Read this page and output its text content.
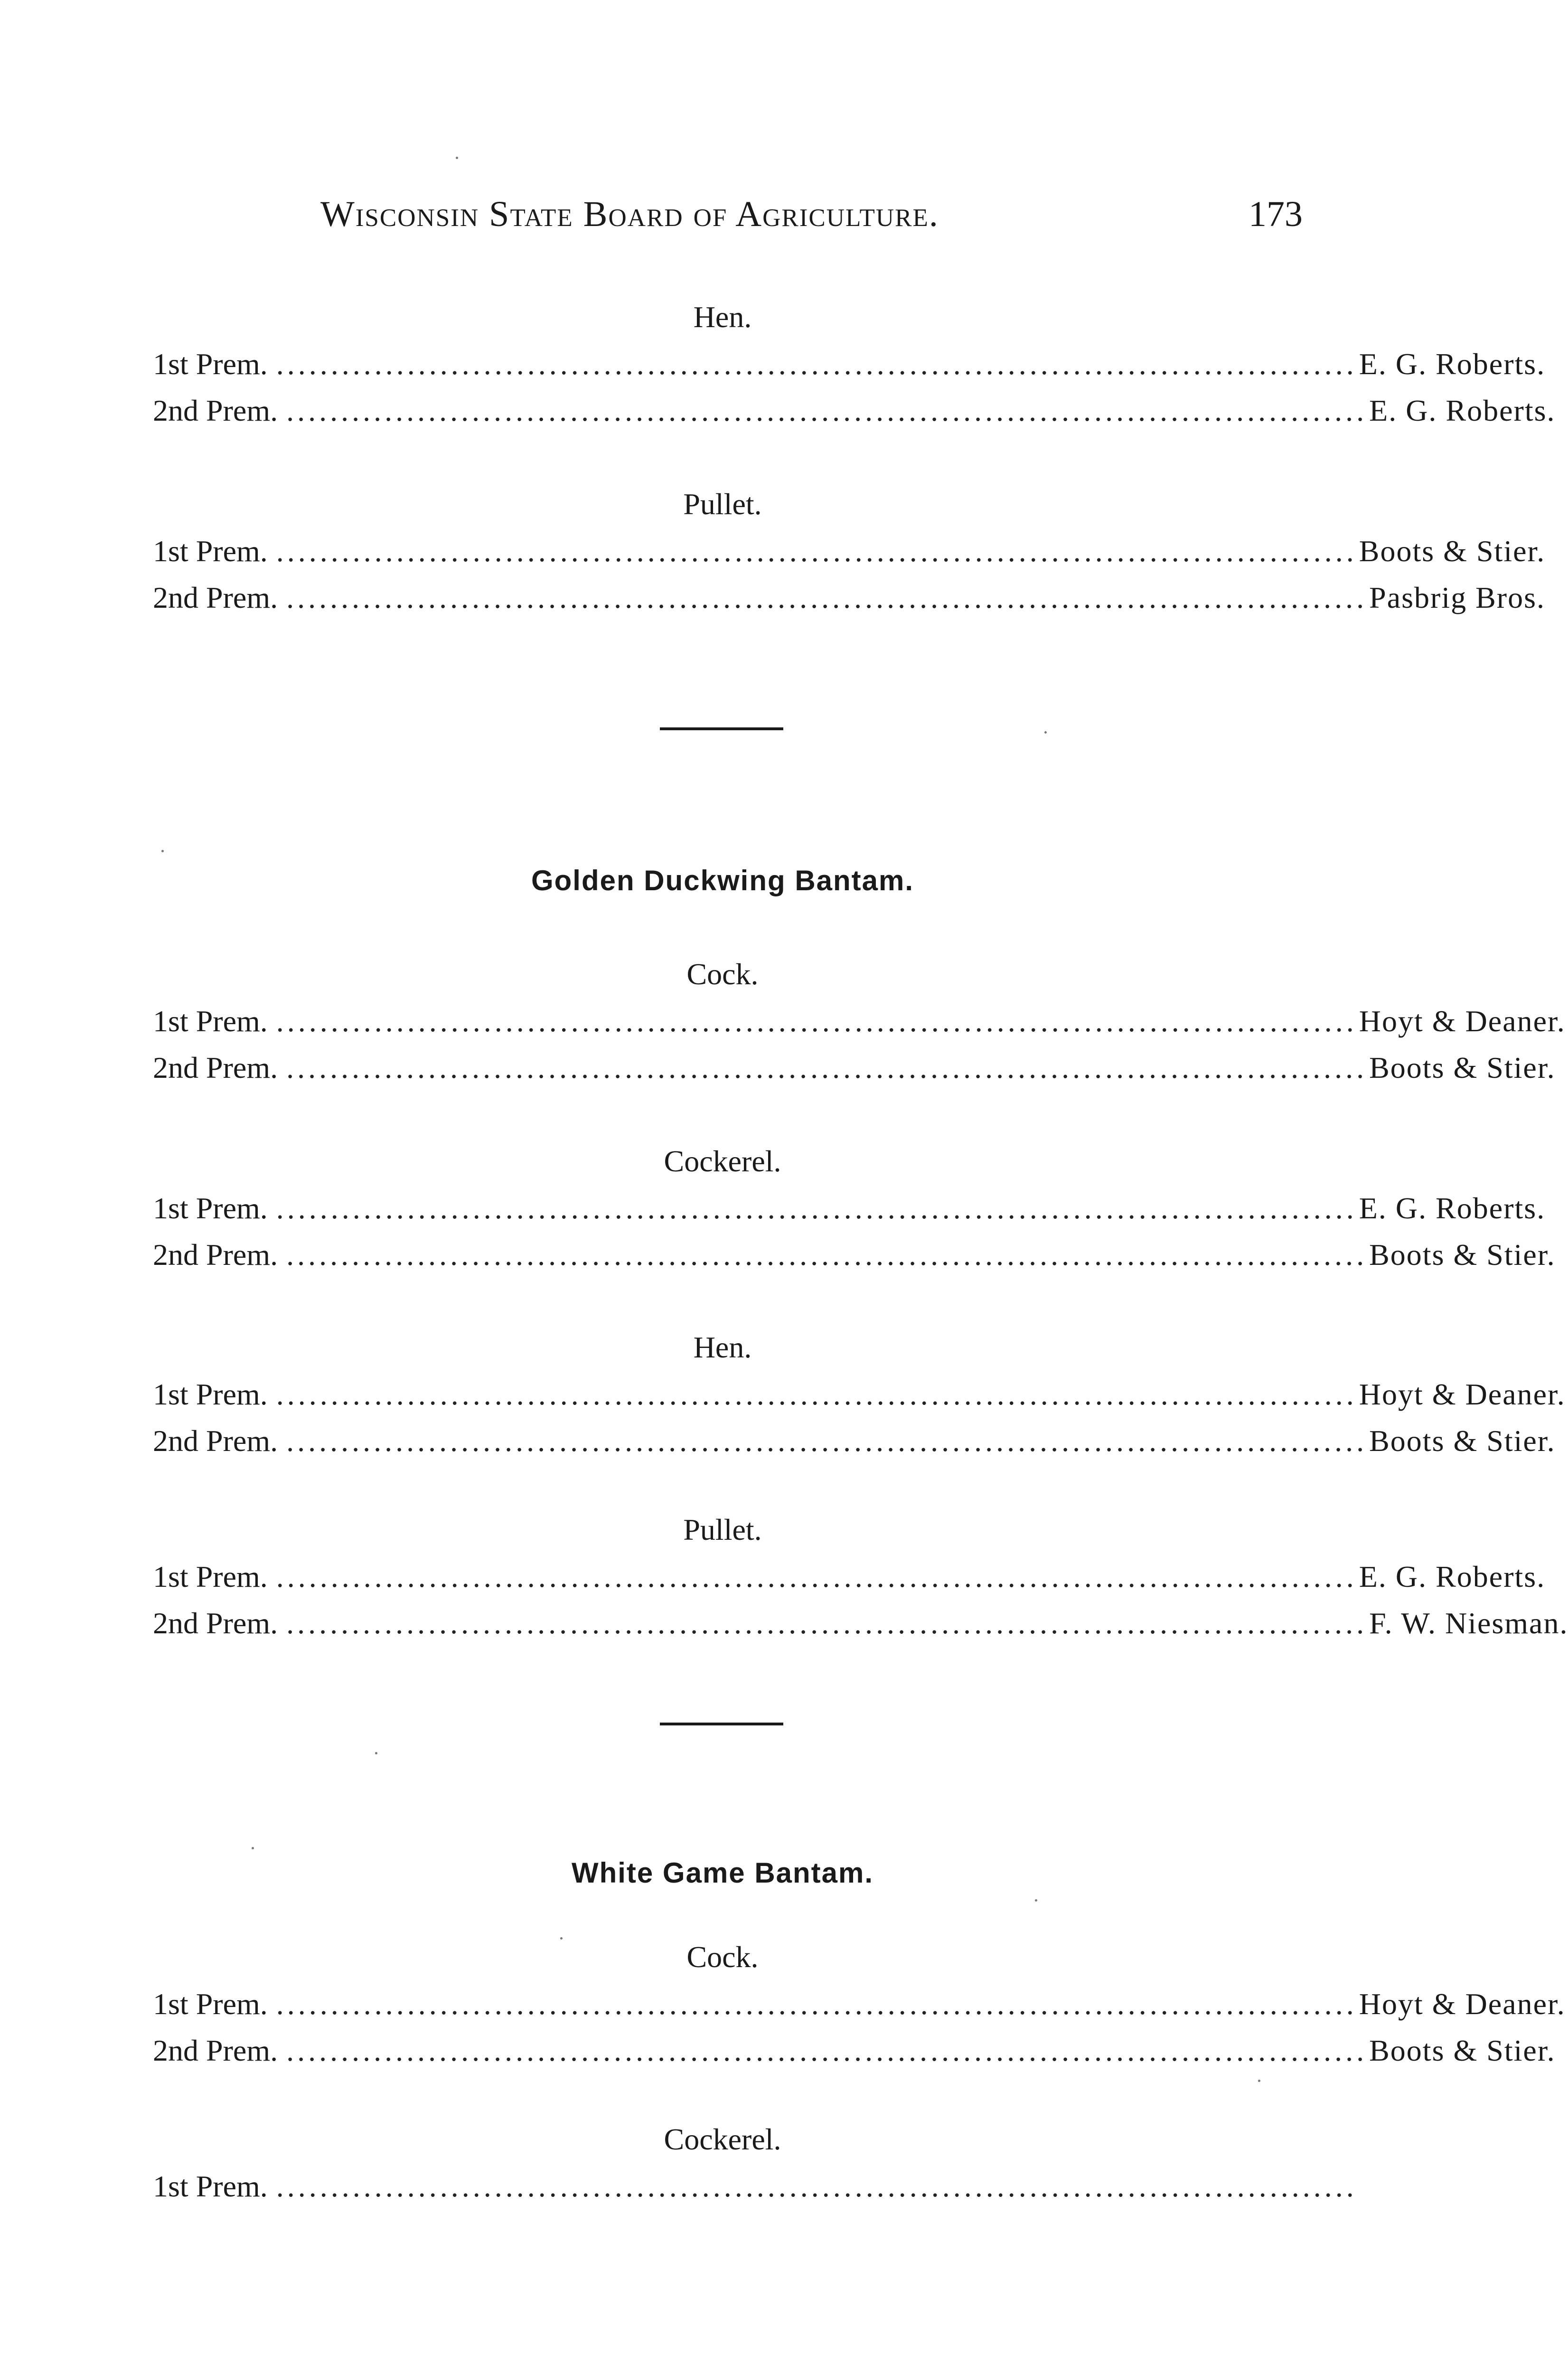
Wisconsin State Board of Agriculture.	173
Hen.
1st Prem. ................................................................................................... E. G. Roberts.
2nd Prem. ................................................................................................... E. G. Roberts.
Pullet.
1st Prem. ................................................................................................... Boots & Stier.
2nd Prem. ................................................................................................... Pasbrig Bros.
Golden Duckwing Bantam.
Cock.
1st Prem. ................................................................................................... Hoyt & Deaner.
2nd Prem. ................................................................................................... Boots & Stier.
Cockerel.
1st Prem. ................................................................................................... E. G. Roberts.
2nd Prem. ................................................................................................... Boots & Stier.
Hen.
1st Prem. ................................................................................................... Hoyt & Deaner.
2nd Prem. ................................................................................................... Boots & Stier.
Pullet.
1st Prem. ................................................................................................... E. G. Roberts.
2nd Prem. ................................................................................................... F. W. Niesman.
White Game Bantam.
Cock.
1st Prem. ................................................................................................... Hoyt & Deaner.
2nd Prem. ................................................................................................... Boots & Stier.
Cockerel.
1st Prem. ...................................................................................................
